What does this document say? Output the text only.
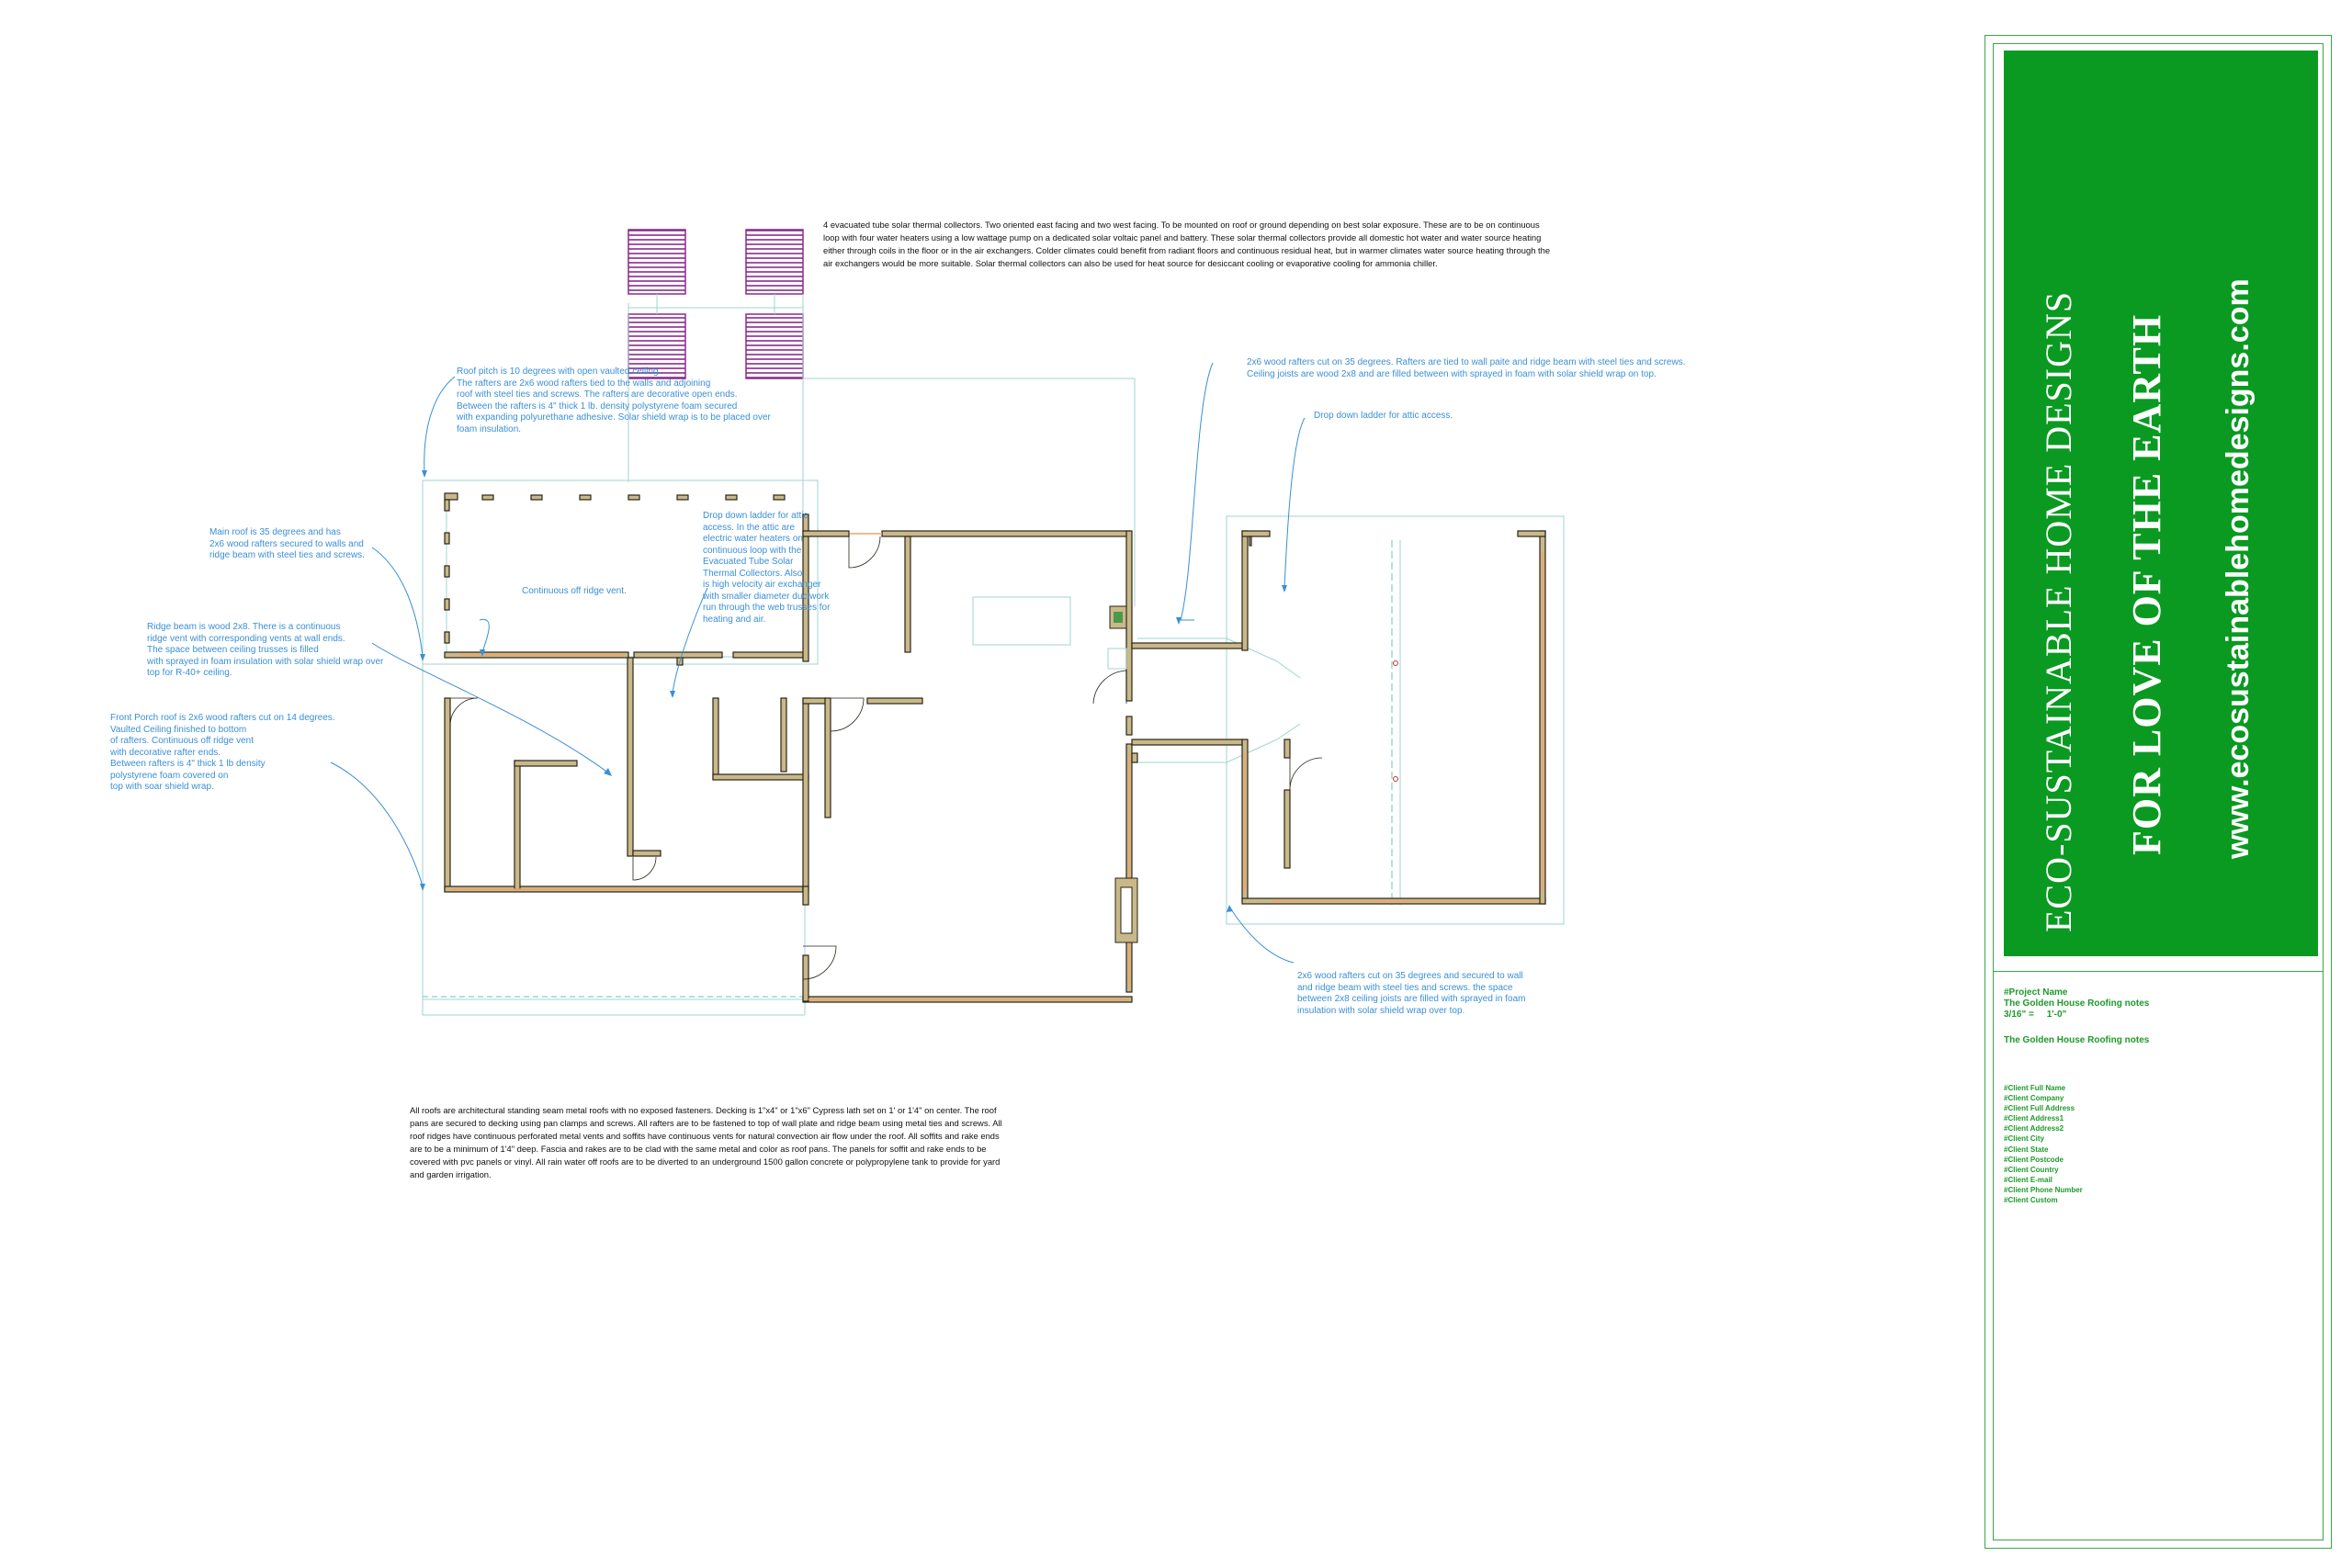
4 evacuated tube solar thermal collectors. Two oriented east facing and two west facing. To be mounted on roof or ground depending on best solar exposure. These are to be on continuous
loop with four water heaters using a low wattage pump on a dedicated solar voltaic panel and battery. These solar thermal collectors provide all domestic hot water and water source heating
either through coils in the floor or in the air exchangers. Colder climates could benefit from radiant floors and continuous residual heat, but in warmer climates water source heating through the
air exchangers would be more suitable. Solar thermal collectors can also be used for heat source for desiccant cooling or evaporative cooling for ammonia chiller.
Roof pitch is 10 degrees with open vaulted ceiling.
The rafters are 2x6 wood rafters tied to the walls and adjoining
roof with steel ties and screws. The rafters are decorative open ends.
Between the rafters is 4" thick 1 lb. density polystyrene foam secured
with expanding polyurethane adhesive. Solar shield wrap is to be placed over
foam insulation.
Main roof is 35 degrees and has
2x6 wood rafters secured to walls and
ridge beam with steel ties and screws.
Drop down ladder for attic
access. In the attic are
electric water heaters on
continuous loop with the
Evacuated Tube Solar
Thermal Collectors. Also
is high velocity air exchanger
with smaller diameter ductwork
run through the web trusses for
heating and air.
Continuous off ridge vent.
Ridge beam is wood 2x8. There is a continuous
ridge vent with corresponding vents at wall ends.
The space between ceiling trusses is filled
with sprayed in foam insulation with solar shield wrap over
top for R-40+ ceiling.
Front Porch roof is 2x6 wood rafters cut on 14 degrees.
Vaulted Ceiling finished to bottom
of rafters. Continuous off ridge vent
with decorative rafter ends.
Between rafters is 4" thick 1 lb density
polystyrene foam covered on
top with soar shield wrap.
2x6 wood rafters cut on 35 degrees. Rafters are tied to wall paite and ridge beam with steel ties and screws.
Ceiling joists are wood 2x8 and are filled between with sprayed in foam with solar shield wrap on top.
Drop down ladder for attic access.
2x6 wood rafters cut on 35 degrees and secured to wall
and ridge beam with steel ties and screws. the space
between 2x8 ceiling joists are filled with sprayed in foam
insulation with solar shield wrap over top.
All roofs are architectural standing seam metal roofs with no exposed fasteners. Decking is 1"x4" or 1"x6" Cypress lath set on 1' or 1'4" on center. The roof
pans are secured to decking using pan clamps and screws. All rafters are to be fastened to top of wall plate and ridge beam using metal ties and screws. All
roof ridges have continuous perforated metal vents and soffits have continuous vents for natural convection air flow under the roof. All soffits and rake ends
are to be a minimum of 1'4" deep. Fascia and rakes are to be clad with the same metal and color as roof pans. The panels for soffit and rake ends to be
covered with pvc panels or vinyl. All rain water off roofs are to be diverted to an underground 1500 gallon concrete or polypropylene tank to provide for yard
and garden irrigation.
ECO-SUSTAINABLE HOME DESIGNS FOR LOVE OF THE EARTH www.ecosustainablehomedesigns.com
#Project Name
The Golden House Roofing notes
3/16" =     1'-0"
The Golden House Roofing notes
#Client Full Name
#Client Company
#Client Full Address
#Client Address1
#Client Address2
#Client City
#Client State
#Client Postcode
#Client Country
#Client E-mail
#Client Phone Number
#Client Custom
